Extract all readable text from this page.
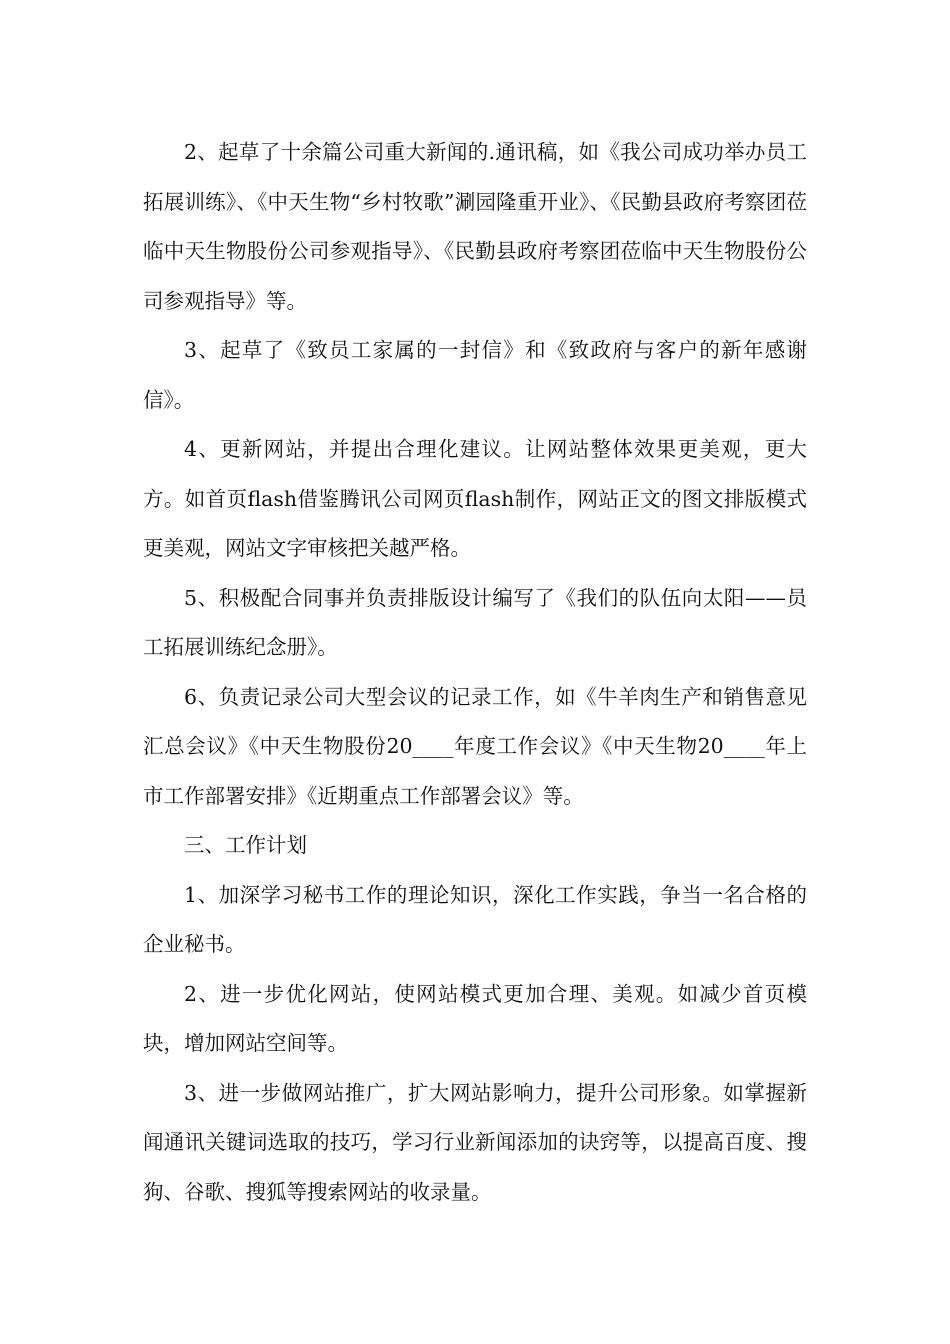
2、起草了十余篇公司重大新闻的.通讯稿，如《我公司成功举办员工拓展训练》、《中天生物“乡村牧歌”涮园隆重开业》、《民勤县政府考察团莅临中天生物股份公司参观指导》、《民勤县政府考察团莅临中天生物股份公司参观指导》等。

3、起草了《致员工家属的一封信》和《致政府与客户的新年感谢信》。

4、更新网站，并提出合理化建议。让网站整体效果更美观，更大方。如首页flash借鉴腾讯公司网页flash制作，网站正文的图文排版模式更美观，网站文字审核把关越严格。

5、积极配合同事并负责排版设计编写了《我们的队伍向太阳——员工拓展训练纪念册》。

6、负责记录公司大型会议的记录工作，如《牛羊肉生产和销售意见汇总会议》《中天生物股份20____年度工作会议》《中天生物20____年上市工作部署安排》《近期重点工作部署会议》等。

三、工作计划

1、加深学习秘书工作的理论知识，深化工作实践，争当一名合格的企业秘书。

2、进一步优化网站，使网站模式更加合理、美观。如减少首页模块，增加网站空间等。

3、进一步做网站推广，扩大网站影响力，提升公司形象。如掌握新闻通讯关键词选取的技巧，学习行业新闻添加的诀窍等，以提高百度、搜狗、谷歌、搜狐等搜索网站的收录量。
